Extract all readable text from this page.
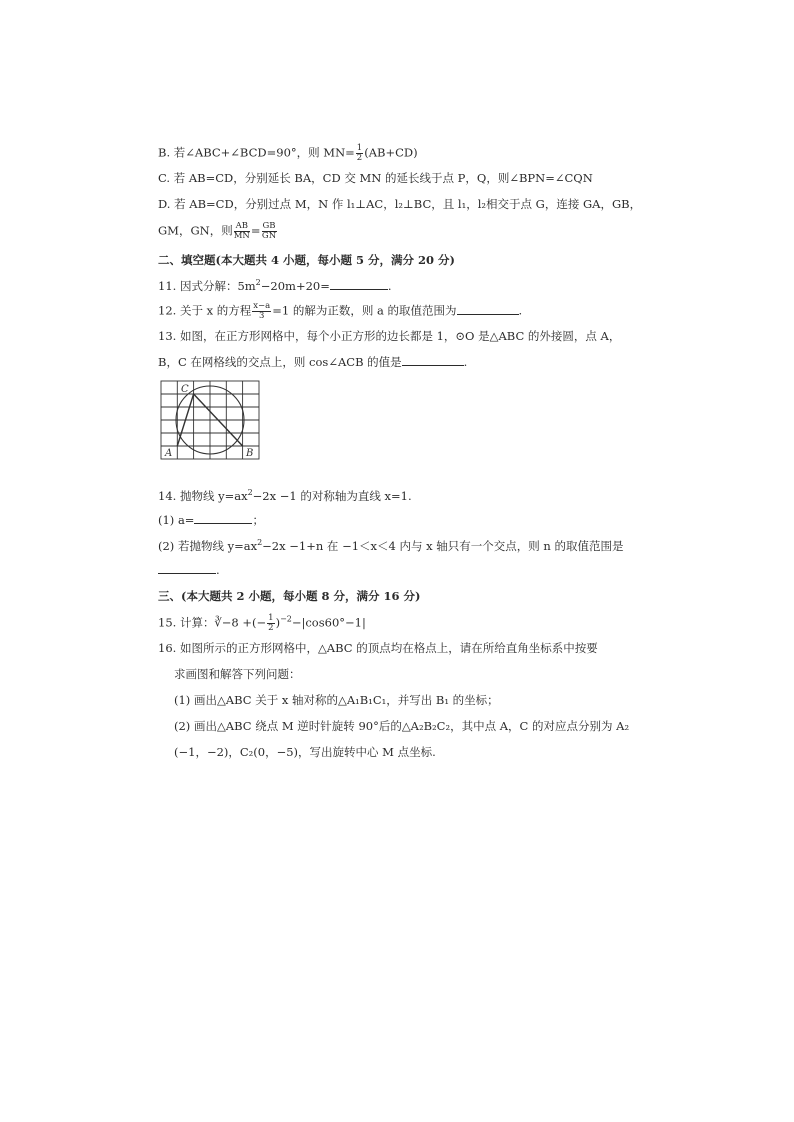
B. 若∠ABC+∠BCD=90°，则 $MN= \frac{1}{2} (AB+CD)$
C. 若 AB=CD，分别延长 BA，CD 交 MN 的延长线于点 P，Q，则∠BPN=∠CQN
D. 若 AB=CD，分别过点 M，N 作 l₁⊥AC，l₂⊥BC，且 l₁，l₂相交于点 G，连接 GA，GB，
GM，GN，则 $\frac{AB}{MN} = \frac{GB}{GN}$
二、填空题(本大题共 4 小题，每小题 5 分，满分 20 分)
11. 因式分解：$5m^2-20m+20=$	.
12. 关于 x 的方程 $\frac{x-a}{3} =1$ 的解为正数，则 a 的取值范围为	.
13. 如图，在正方形网格中，每个小正方形的边长都是 1，⊙O 是△ABC 的外接圆，点 A，
B，C 在网格线的交点上，则 cos∠ACB 的值是	.
C
A	B
14. 抛物线 $y=ax^2-2x -1$ 的对称轴为直线 x=1.
(1) a=	；
(2) 若抛物线 $y=ax^2-2x -1+n$ 在 −1＜x＜4 内与 x 轴只有一个交点，则 n 的取值范围是
.
三、(本大题共 2 小题，每小题 8 分，满分 16 分)
15. 计算：∛−8 +(− $\frac{1}{2} )^{-2}-|\cos 60^\circ-1|$
16. 如图所示的正方形网格中，△ABC 的顶点均在格点上，请在所给直角坐标系中按要
求画图和解答下列问题：
(1) 画出△ABC 关于 x 轴对称的△A₁B₁C₁，并写出 B₁ 的坐标；
(2) 画出△ABC 绕点 M 逆时针旋转 90°后的△A₂B₂C₂，其中点 A，C 的对应点分别为 A₂
(−1，−2)，C₂(0，−5)，写出旋转中心 M 点坐标.
